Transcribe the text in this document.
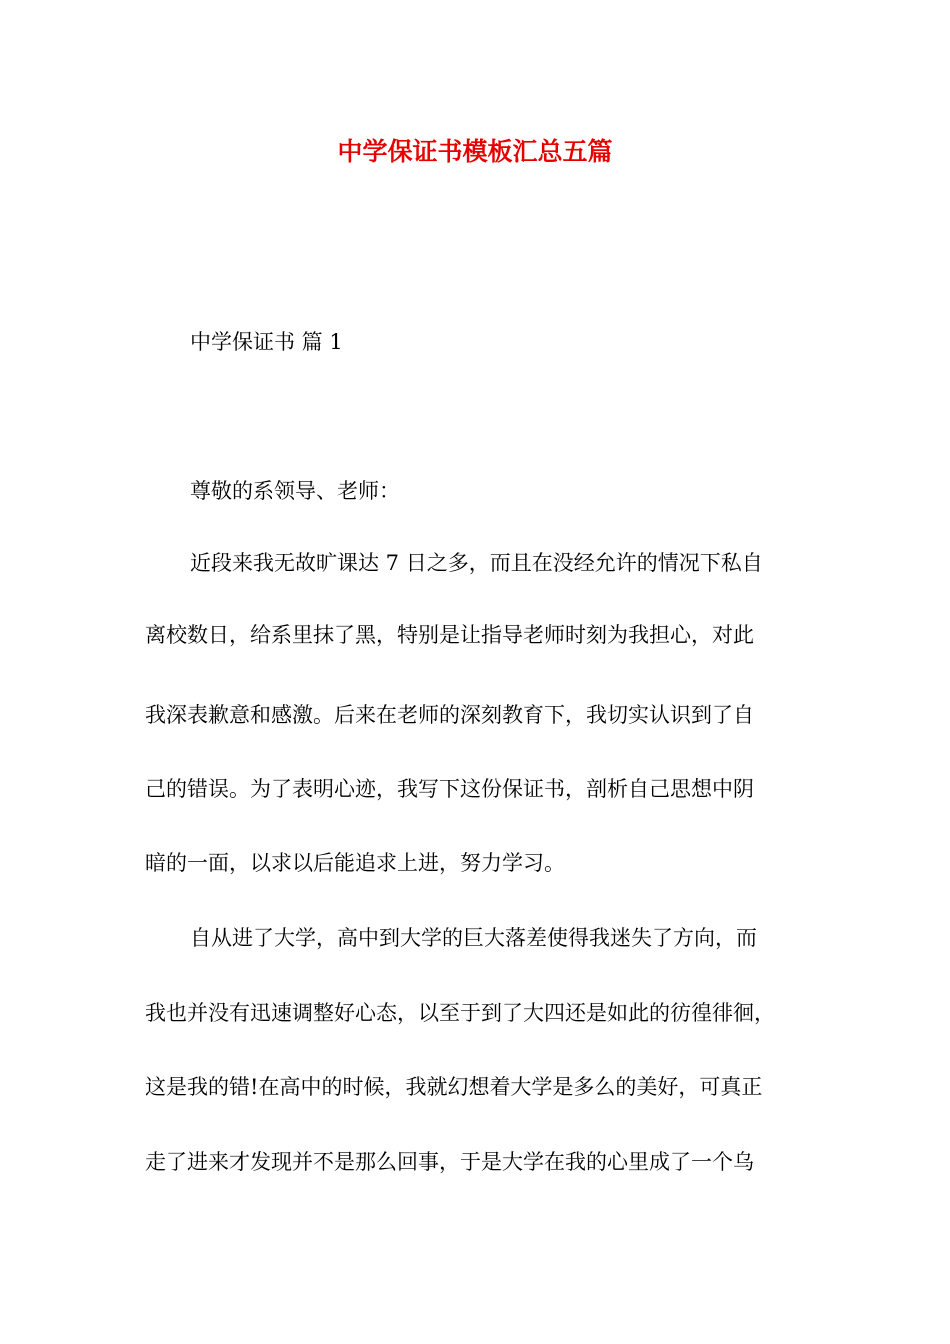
中学保证书模板汇总五篇

中学保证书 篇 1

尊敬的系领导、老师：

近段来我无故旷课达 7 日之多，而且在没经允许的情况下私自

离校数日，给系里抹了黑，特别是让指导老师时刻为我担心，对此

我深表歉意和感激。后来在老师的深刻教育下，我切实认识到了自

己的错误。为了表明心迹，我写下这份保证书，剖析自己思想中阴

暗的一面，以求以后能追求上进，努力学习。

自从进了大学，高中到大学的巨大落差使得我迷失了方向，而

我也并没有迅速调整好心态，以至于到了大四还是如此的彷徨徘徊，

这是我的错!在高中的时候，我就幻想着大学是多么的美好，可真正

走了进来才发现并不是那么回事，于是大学在我的心里成了一个乌
